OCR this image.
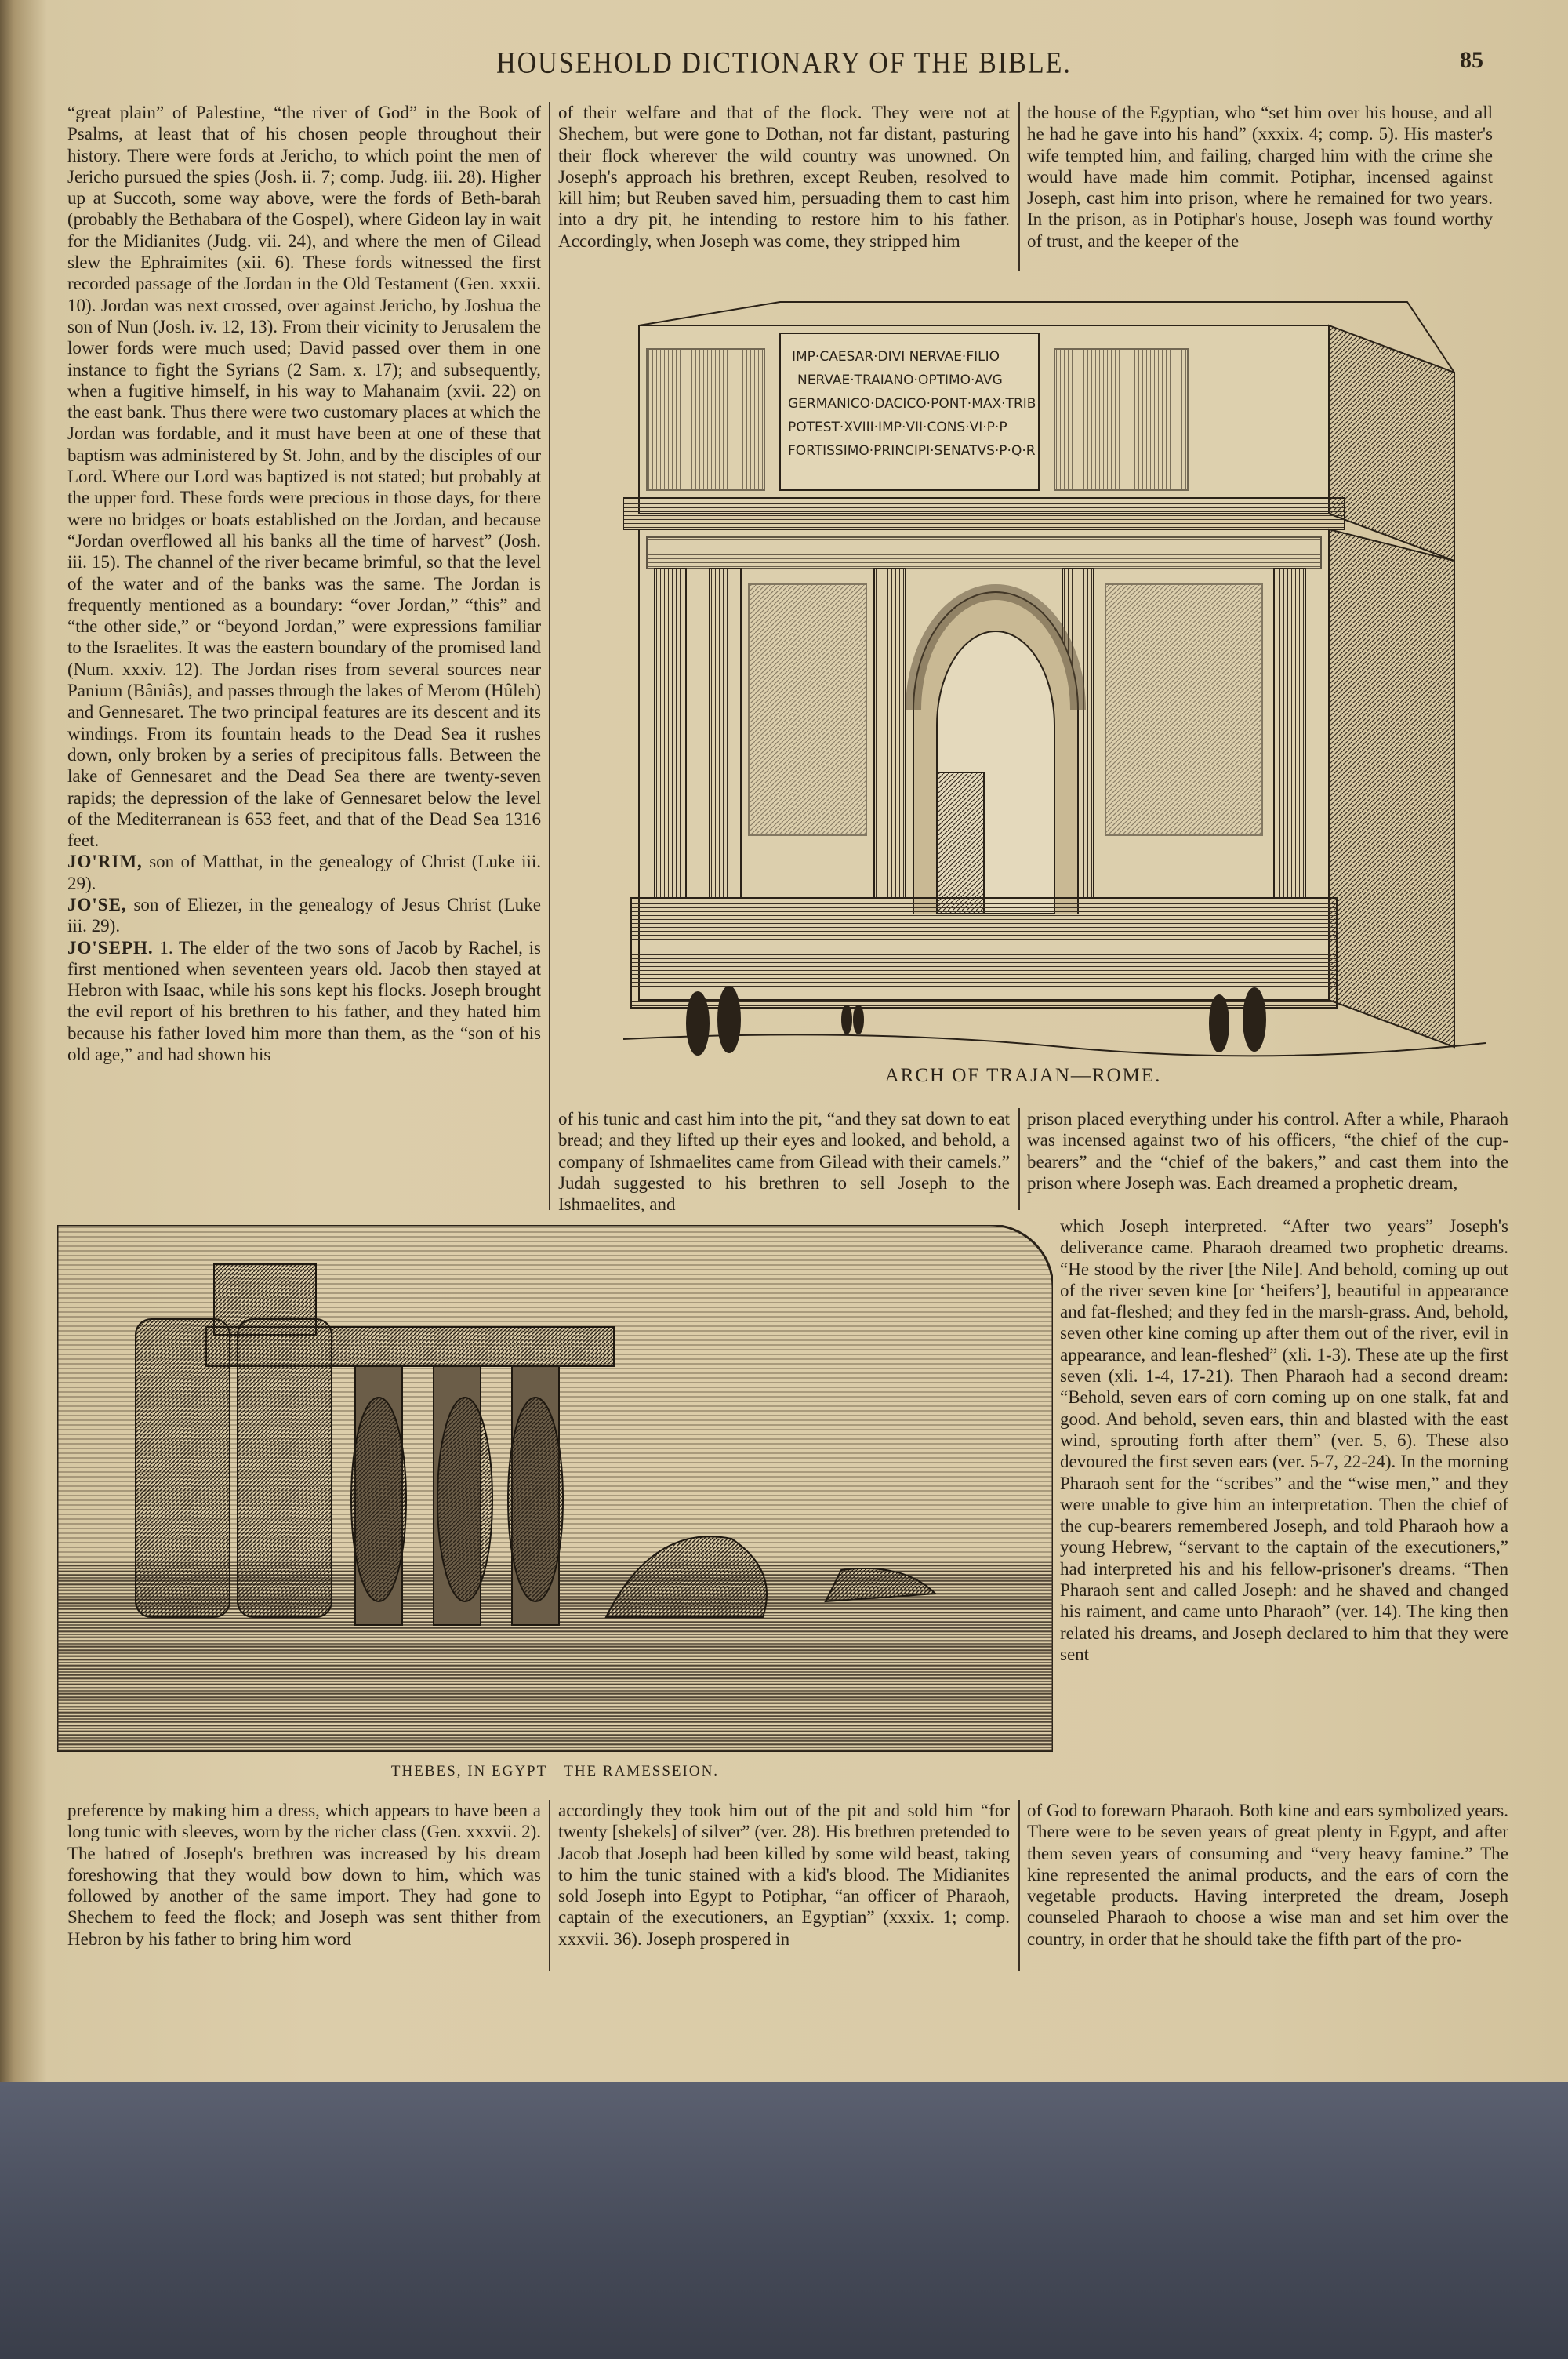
HOUSEHOLD DICTIONARY OF THE BIBLE.	85

“great plain” of Palestine, “the river of God” in the Book of Psalms, at least that of his chosen people throughout their history. There were fords at Jericho, to which point the men of Jericho pursued the spies (Josh. ii. 7; comp. Judg. iii. 28). Higher up at Succoth, some way above, were the fords of Beth-barah (probably the Bethabara of the Gospel), where Gideon lay in wait for the Midianites (Judg. vii. 24), and where the men of Gilead slew the Ephraimites (xii. 6). These fords witnessed the first recorded passage of the Jordan in the Old Testament (Gen. xxxii. 10). Jordan was next crossed, over against Jericho, by Joshua the son of Nun (Josh. iv. 12, 13). From their vicinity to Jerusalem the lower fords were much used; David passed over them in one instance to fight the Syrians (2 Sam. x. 17); and subsequently, when a fugitive himself, in his way to Mahanaim (xvii. 22) on the east bank. Thus there were two customary places at which the Jordan was fordable, and it must have been at one of these that baptism was administered by St. John, and by the disciples of our Lord. Where our Lord was baptized is not stated; but probably at the upper ford. These fords were precious in those days, for there were no bridges or boats established on the Jordan, and because “Jordan overflowed all his banks all the time of harvest” (Josh. iii. 15). The channel of the river became brimful, so that the level of the water and of the banks was the same. The Jordan is frequently mentioned as a boundary: “over Jordan,” “this” and “the other side,” or “beyond Jordan,” were expressions familiar to the Israelites. It was the eastern boundary of the promised land (Num. xxxiv. 12). The Jordan rises from several sources near Panium (Bâniâs), and passes through the lakes of Merom (Hûleh) and Gennesaret. The two principal features are its descent and its windings. From its fountain heads to the Dead Sea it rushes down, only broken by a series of precipitous falls. Between the lake of Gennesaret and the Dead Sea there are twenty-seven rapids; the depression of the lake of Gennesaret below the level of the Mediterranean is 653 feet, and that of the Dead Sea 1316 feet.

JO'RIM, son of Matthat, in the genealogy of Christ (Luke iii. 29).

JO'SE, son of Eliezer, in the genealogy of Jesus Christ (Luke iii. 29).

JO'SEPH. 1. The elder of the two sons of Jacob by Rachel, is first mentioned when seventeen years old. Jacob then stayed at Hebron with Isaac, while his sons kept his flocks. Joseph brought the evil report of his brethren to his father, and they hated him because his father loved him more than them, as the “son of his old age,” and had shown his

of their welfare and that of the flock. They were not at Shechem, but were gone to Dothan, not far distant, pasturing their flock wherever the wild country was unowned. On Joseph's approach his brethren, except Reuben, resolved to kill him; but Reuben saved him, persuading them to cast him into a dry pit, he intending to restore him to his father. Accordingly, when Joseph was come, they stripped him
the house of the Egyptian, who “set him over his house, and all he had he gave into his hand” (xxxix. 4; comp. 5). His master's wife tempted him, and failing, charged him with the crime she would have made him commit. Potiphar, incensed against Joseph, cast him into prison, where he remained for two years. In the prison, as in Potiphar's house, Joseph was found worthy of trust, and the keeper of the
IMP·CAESAR·DIVI NERVAE·FILIO
NERVAE·TRAIANO·OPTIMO·AVG
GERMANICO·DACICO·PONT·MAX·TRIB
POTEST·XVIII·IMP·VII·CONS·VI·P·P
FORTISSIMO·PRINCIPI·SENATVS·P·Q·R
ARCH OF TRAJAN—ROME.
of his tunic and cast him into the pit, “and they sat down to eat bread; and they lifted up their eyes and looked, and behold, a company of Ishmaelites came from Gilead with their camels.” Judah suggested to his brethren to sell Joseph to the Ishmaelites, and
prison placed everything under his control. After a while, Pharaoh was incensed against two of his officers, “the chief of the cup-bearers” and the “chief of the bakers,” and cast them into the prison where Joseph was. Each dreamed a prophetic dream,
which Joseph interpreted. “After two years” Joseph's deliverance came. Pharaoh dreamed two prophetic dreams. “He stood by the river [the Nile]. And behold, coming up out of the river seven kine [or ‘heifers’], beautiful in appearance and fat-fleshed; and they fed in the marsh-grass. And, behold, seven other kine coming up after them out of the river, evil in appearance, and lean-fleshed” (xli. 1-3). These ate up the first seven (xli. 1-4, 17-21). Then Pharaoh had a second dream: “Behold, seven ears of corn coming up on one stalk, fat and good. And behold, seven ears, thin and blasted with the east wind, sprouting forth after them” (ver. 5, 6). These also devoured the first seven ears (ver. 5-7, 22-24). In the morning Pharaoh sent for the “scribes” and the “wise men,” and they were unable to give him an interpretation. Then the chief of the cup-bearers remembered Joseph, and told Pharaoh how a young Hebrew, “servant to the captain of the executioners,” had interpreted his and his fellow-prisoner's dreams. “Then Pharaoh sent and called Joseph: and he shaved and changed his raiment, and came unto Pharaoh” (ver. 14). The king then related his dreams, and Joseph declared to him that they were sent
THEBES, IN EGYPT—THE RAMESSEION.
preference by making him a dress, which appears to have been a long tunic with sleeves, worn by the richer class (Gen. xxxvii. 2). The hatred of Joseph's brethren was increased by his dream foreshowing that they would bow down to him, which was followed by another of the same import. They had gone to Shechem to feed the flock; and Joseph was sent thither from Hebron by his father to bring him word
accordingly they took him out of the pit and sold him “for twenty [shekels] of silver” (ver. 28). His brethren pretended to Jacob that Joseph had been killed by some wild beast, taking to him the tunic stained with a kid's blood. The Midianites sold Joseph into Egypt to Potiphar, “an officer of Pharaoh, captain of the executioners, an Egyptian” (xxxix. 1; comp. xxxvii. 36). Joseph prospered in
of God to forewarn Pharaoh. Both kine and ears symbolized years. There were to be seven years of great plenty in Egypt, and after them seven years of consuming and “very heavy famine.” The kine represented the animal products, and the ears of corn the vegetable products. Having interpreted the dream, Joseph counseled Pharaoh to choose a wise man and set him over the country, in order that he should take the fifth part of the pro-
